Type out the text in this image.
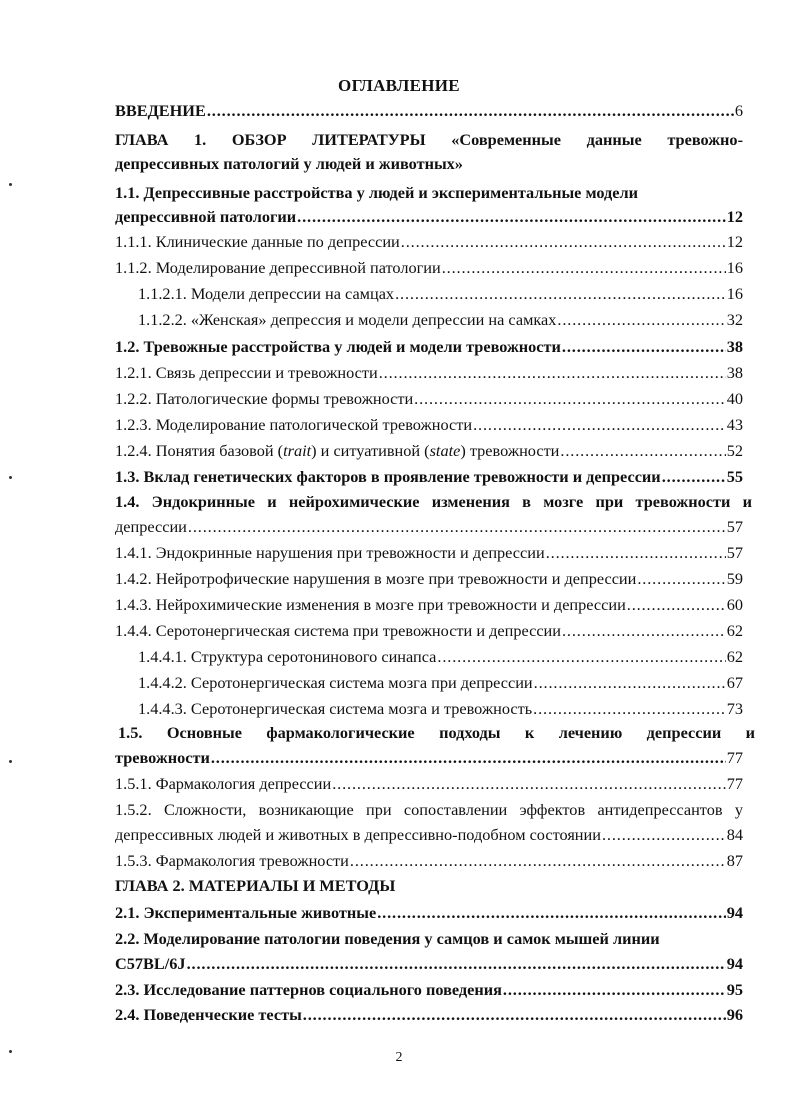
ОГЛАВЛЕНИЕ
ВВЕДЕНИЕ . . .	6
ГЛАВА 1. ОБЗОР ЛИТЕРАТУРЫ «Современные данные тревожно-
депрессивных патологий у людей и животных»
1.1. Депрессивные расстройства у людей и экспериментальные модели
депрессивной патологии . . .	12
1.1.1. Клинические данные по депрессии . . .	12
1.1.2. Моделирование депрессивной патологии . . .	16
1.1.2.1. Модели депрессии на самцах . . .	16
1.1.2.2. «Женская» депрессия и модели депрессии на самках . . .	32
1.2. Тревожные расстройства у людей и модели тревожности . . .	38
1.2.1. Связь депрессии и тревожности . . .	38
1.2.2. Патологические формы тревожности . . .	40
1.2.3. Моделирование патологической тревожности . . .	43
1.2.4. Понятия базовой (trait) и ситуативной (state) тревожности . . .	52
1.3. Вклад генетических факторов в проявление тревожности и депрессии . . .	55
1.4. Эндокринные и нейрохимические изменения в мозге при тревожности и
депрессии . . .	57
1.4.1. Эндокринные нарушения при тревожности и депрессии . . .	57
1.4.2. Нейротрофические нарушения в мозге при тревожности и депрессии . . .	59
1.4.3. Нейрохимические изменения в мозге при тревожности и депрессии . . .	60
1.4.4. Серотонергическая система при тревожности и депрессии . . .	62
1.4.4.1. Структура серотонинового синапса . . .	62
1.4.4.2. Серотонергическая система мозга при депрессии . . .	67
1.4.4.3. Серотонергическая система мозга и тревожность . . .	73
1.5. Основные фармакологические подходы к лечению депрессии и
тревожности . . .	77
1.5.1. Фармакология депрессии . . .	77
1.5.2. Сложности, возникающие при сопоставлении эффектов антидепрессантов у
депрессивных людей и животных в депрессивно-подобном состоянии . . .	84
1.5.3. Фармакология тревожности . . .	87
ГЛАВА 2. МАТЕРИАЛЫ И МЕТОДЫ
2.1. Экспериментальные животные . . .	94
2.2. Моделирование патологии поведения у самцов и самок мышей линии
C57BL/6J . . .	94
2.3. Исследование паттернов социального поведения . . .	95
2.4. Поведенческие тесты . . .	96
2
